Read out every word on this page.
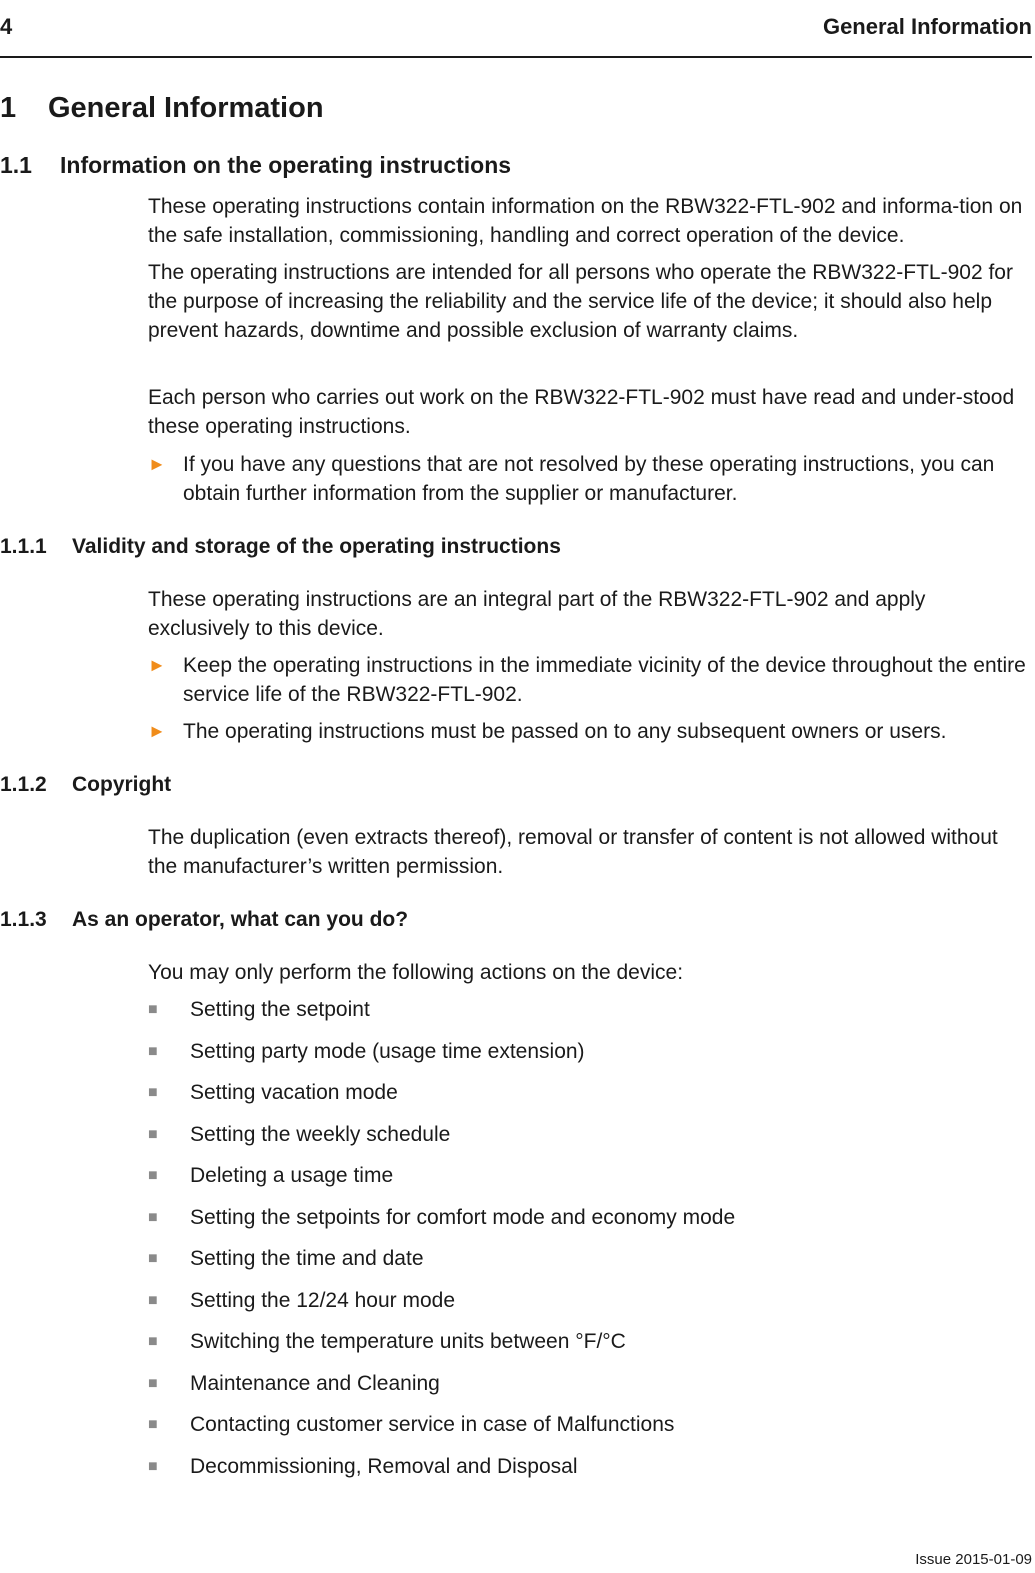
4	General Information
1 General Information
1.1 Information on the operating instructions

These operating instructions contain information on the RBW322-FTL-902 and informa-tion on the safe installation, commissioning, handling and correct operation of the device.

The operating instructions are intended for all persons who operate the RBW322-FTL-902 for the purpose of increasing the reliability and the service life of the device; it should also help prevent hazards, downtime and possible exclusion of warranty claims.

Each person who carries out work on the RBW322-FTL-902 must have read and under-stood these operating instructions.

► If you have any questions that are not resolved by these operating instructions, you can obtain further information from the supplier or manufacturer.
1.1.1 Validity and storage of the operating instructions

These operating instructions are an integral part of the RBW322-FTL-902 and apply exclusively to this device.

► Keep the operating instructions in the immediate vicinity of the device throughout the entire service life of the RBW322-FTL-902.
► The operating instructions must be passed on to any subsequent owners or users.
1.1.2 Copyright

The duplication (even extracts thereof), removal or transfer of content is not allowed without the manufacturer’s written permission.

1.1.3 As an operator, what can you do?

You may only perform the following actions on the device:

■ Setting the setpoint
■ Setting party mode (usage time extension)
■ Setting vacation mode
■ Setting the weekly schedule
■ Deleting a usage time
■ Setting the setpoints for comfort mode and economy mode
■ Setting the time and date
■ Setting the 12/24 hour mode
■ Switching the temperature units between °F/°C
■ Maintenance and Cleaning
■ Contacting customer service in case of Malfunctions
■ Decommissioning, Removal and Disposal
Issue 2015-01-09
